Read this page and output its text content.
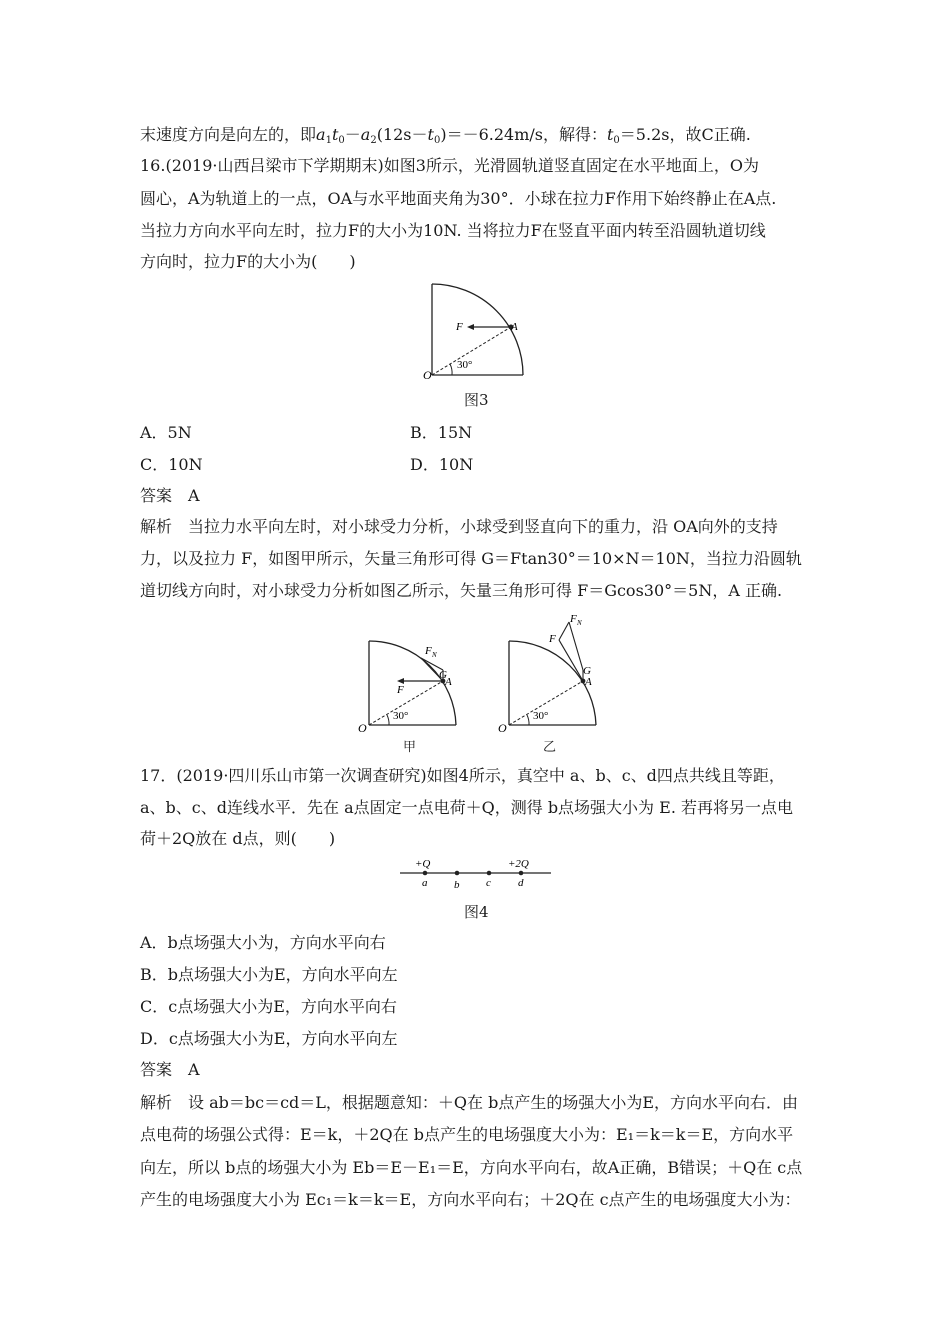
末速度方向是向左的，即$a_1t_0-a_2(12s-t_0)=-6.24m/s$，解得：$t_0=5.2s$，故C正确.
16.(2019·山西吕梁市下学期期末)如图3所示，光滑圆轨道竖直固定在水平地面上，O为
圆心，A为轨道上的一点，OA与水平地面夹角为30°．小球在拉力F作用下始终静止在A点.
当拉力方向水平向左时，拉力F的大小为10N. 当将拉力F在竖直平面内转至沿圆轨道切线
方向时，拉力F的大小为(　　)
F	A
O
30°
图3
A．5N	B．15N
C．10N	D．10N
答案　A
解析　当拉力水平向左时，对小球受力分析，小球受到竖直向下的重力，沿 OA向外的支持
力，以及拉力 F，如图甲所示，矢量三角形可得 G＝Ftan30°＝10×N＝10N，当拉力沿圆轨
道切线方向时，对小球受力分析如图乙所示，矢量三角形可得 F＝Gcos30°＝5N，A 正确.
F N
G
A
F
O
30°
甲
F N
F
G
A
O
30°
乙
17．(2019·四川乐山市第一次调查研究)如图4所示，真空中 a、b、c、d四点共线且等距，
a、b、c、d连线水平．先在 a点固定一点电荷＋Q，测得 b点场强大小为 E. 若再将另一点电
荷＋2Q放在 d点，则(　　)
+Q	+2Q
a b c d
图4
A．b点场强大小为，方向水平向右
B．b点场强大小为E，方向水平向左
C．c点场强大小为E，方向水平向右
D．c点场强大小为E，方向水平向左
答案　A
解析　设 ab＝bc＝cd＝L，根据题意知：＋Q在 b点产生的场强大小为E，方向水平向右．由
点电荷的场强公式得：E＝k，＋2Q在 b点产生的电场强度大小为：E₁＝k＝k＝E，方向水平
向左，所以 b点的场强大小为 Eb＝E－E₁＝E，方向水平向右，故A正确，B错误；＋Q在 c点
产生的电场强度大小为 Ec₁＝k＝k＝E，方向水平向右；＋2Q在 c点产生的电场强度大小为：
